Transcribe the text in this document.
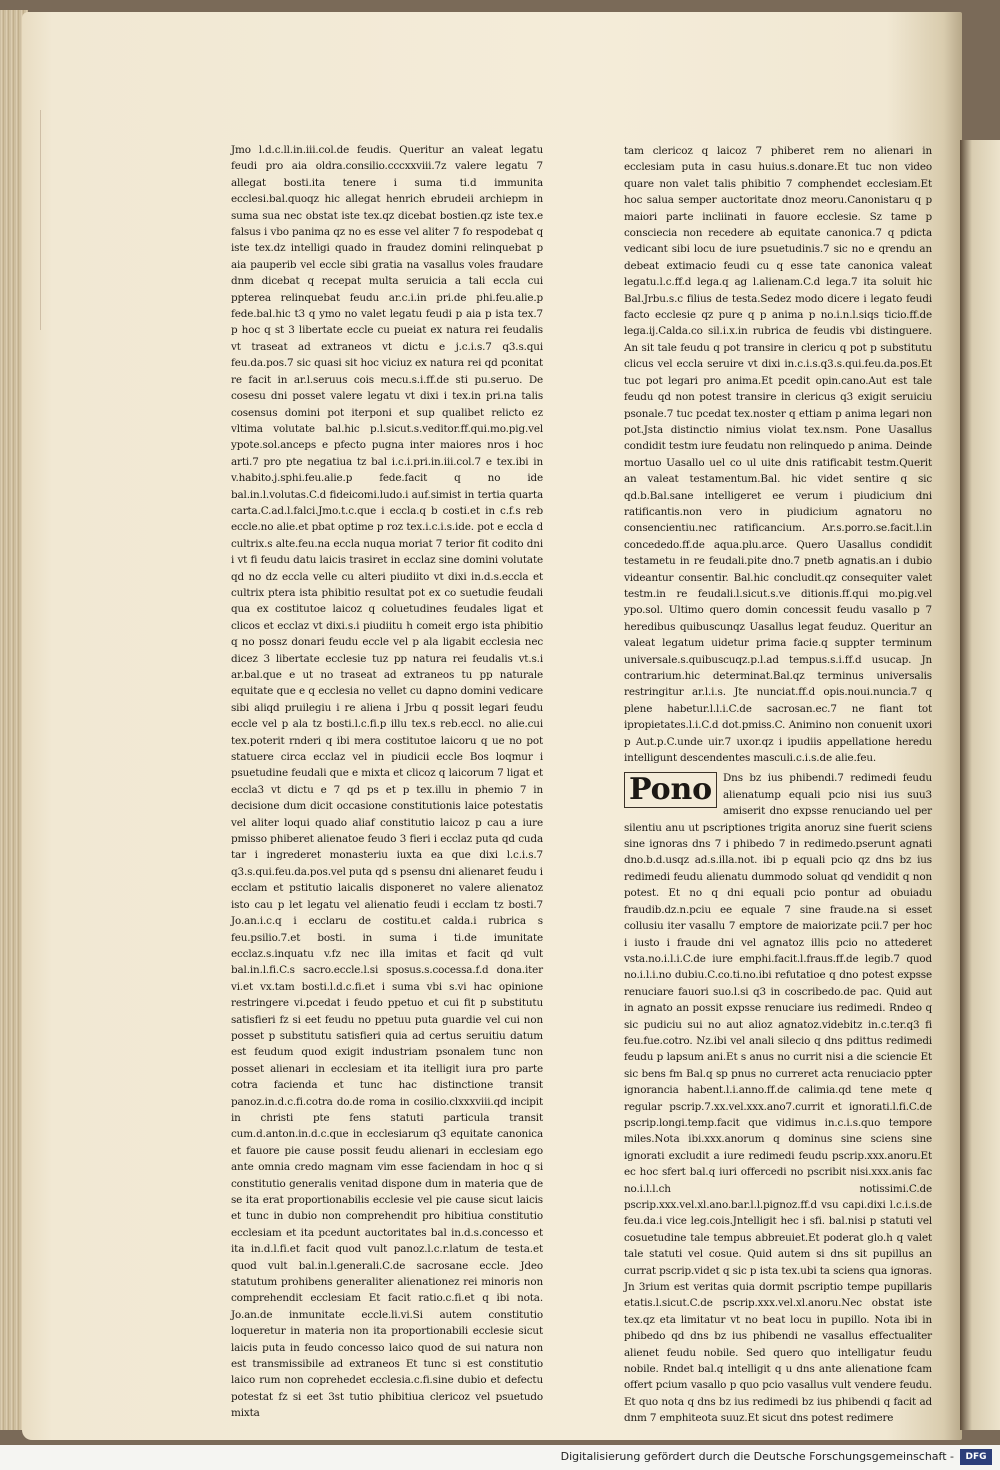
Jmo l.d.c.ll.in.iii.col.de feudis. Queritur an valeat legatu feudi pro aia oldra.consilio.cccxxviii.7z valere legatu 7 allegat bosti.ita tenere i suma ti.d immunita ecclesi.bal.quoqz hic allegat henrich ebrudeii archiepm in suma sua nec obstat iste tex.qz dicebat bostien.qz iste tex.e falsus i vbo panima qz no es esse vel aliter 7 fo respodebat q iste tex.dz intelligi quado in fraudez domini relinquebat p aia pauperib vel eccle sibi gratia na vasallus voles fraudare dnm dicebat q recepat multa seruicia a tali eccla cui ppterea relinquebat feudu ar.c.i.in pri.de phi.feu.alie.p fede.bal.hic t3 q ymo no valet legatu feudi p aia p ista tex.7 p hoc q st 3 libertate eccle cu pueiat ex natura rei feudalis vt traseat ad extraneos vt dictu e j.c.i.s.7 q3.s.qui feu.da.pos.7 sic quasi sit hoc viciuz ex natura rei qd pconitat re facit in ar.l.seruus cois mecu.s.i.ff.de sti pu.seruo. De cosesu dni posset valere legatu vt dixi i tex.in pri.na talis cosensus domini pot iterponi et sup qualibet relicto ez vltima volutate bal.hic p.l.sicut.s.veditor.ff.qui.mo.pig.vel ypote.sol.anceps e pfecto pugna inter maiores nros i hoc arti.7 pro pte negatiua tz bal i.c.i.pri.in.iii.col.7 e tex.ibi in v.habito.j.sphi.feu.alie.p fede.facit q no ide bal.in.l.volutas.C.d fideicomi.ludo.i auf.simist in tertia quarta carta.C.ad.l.falci.Jmo.t.c.que i eccla.q b costi.et in c.f.s reb eccle.no alie.et pbat optime p roz tex.i.c.i.s.ide. pot e eccla d cultrix.s alte.feu.na eccla nuqua moriat 7 terior fit codito dni i vt fi feudu datu laicis trasiret in ecclaz sine domini volutate qd no dz eccla velle cu alteri piudiito vt dixi in.d.s.eccla et cultrix ptera ista phibitio resultat pot ex co suetudie feudali qua ex costitutoe laicoz q coluetudines feudales ligat et clicos et ecclaz vt dixi.s.i piudiitu h comeit ergo ista phibitio q no possz donari feudu eccle vel p ala ligabit ecclesia nec dicez 3 libertate ecclesie tuz pp natura rei feudalis vt.s.i ar.bal.que e ut no traseat ad extraneos tu pp naturale equitate que e q ecclesia no vellet cu dapno domini vedicare sibi aliqd pruilegiu i re aliena i Jrbu q possit legari feudu eccle vel p ala tz bosti.l.c.fi.p illu tex.s reb.eccl. no alie.cui tex.poterit rnderi q ibi mera costitutoe laicoru q ue no pot statuere circa ecclaz vel in piudicii eccle Bos loqmur i psuetudine feudali que e mixta et clicoz q laicorum 7 ligat et eccla3 vt dictu e 7 qd ps et p tex.illu in phemio 7 in decisione dum dicit occasione constitutionis laice potestatis vel aliter loqui quado aliaf constitutio laicoz p cau a iure pmisso phiberet alienatoe feudo 3 fieri i ecclaz puta qd cuda tar i ingrederet monasteriu iuxta ea que dixi l.c.i.s.7 q3.s.qui.feu.da.pos.vel puta qd s psensu dni alienaret feudu i ecclam et pstitutio laicalis disponeret no valere alienatoz isto cau p let legatu vel alienatio feudi i ecclam tz bosti.7 Jo.an.i.c.q i ecclaru de costitu.et calda.i rubrica s feu.psilio.7.et bosti. in suma i ti.de imunitate ecclaz.s.inquatu v.fz nec illa imitas et facit qd vult bal.in.l.fi.C.s sacro.eccle.l.si sposus.s.cocessa.f.d dona.iter vi.et vx.tam bosti.l.d.c.fi.et i suma vbi s.vi hac opinione restringere vi.pcedat i feudo ppetuo et cui fit p substitutu satisfieri fz si eet feudu no ppetuu puta guardie vel cui non posset p substitutu satisfieri quia ad certus seruitiu datum est feudum quod exigit industriam psonalem tunc non posset alienari in ecclesiam et ita itelligit iura pro parte cotra facienda et tunc hac distinctione transit panoz.in.d.c.fi.cotra do.de roma in cosilio.clxxxviii.qd incipit in christi pte fens statuti particula transit cum.d.anton.in.d.c.que in ecclesiarum q3 equitate canonica et fauore pie cause possit feudu alienari in ecclesiam ego ante omnia credo magnam vim esse faciendam in hoc q si constitutio generalis venitad dispone dum in materia que de se ita erat proportionabilis ecclesie vel pie cause sicut laicis et tunc in dubio non comprehendit pro hibitiua constitutio ecclesiam et ita pcedunt auctoritates bal in.d.s.concesso et ita in.d.l.fi.et facit quod vult panoz.l.c.r.latum de testa.et quod vult bal.in.l.generali.C.de sacrosane eccle. Jdeo statutum prohibens generaliter alienationez rei minoris non comprehendit ecclesiam Et facit ratio.c.fi.et q ibi nota. Jo.an.de inmunitate eccle.li.vi.Si autem constitutio loqueretur in materia non ita proportionabili ecclesie sicut laicis puta in feudo concesso laico quod de sui natura non est transmissibile ad extraneos Et tunc si est constitutio laico rum non coprehedet ecclesia.c.fi.sine dubio et defectu potestat fz si eet 3st tutio phibitiua clericoz vel psuetudo mixta

tam clericoz q laicoz 7 phiberet rem no alienari in ecclesiam puta in casu huius.s.donare.Et tuc non video quare non valet talis phibitio 7 comphendet ecclesiam.Et hoc salua semper auctoritate dnoz meoru.Canonistaru q p maiori parte incliinati in fauore ecclesie. Sz tame p consciecia non recedere ab equitate canonica.7 q pdicta vedicant sibi locu de iure psuetudinis.7 sic no e qrendu an debeat extimacio feudi cu q esse tate canonica valeat legatu.l.c.ff.d lega.q ag l.alienam.C.d lega.7 ita soluit hic Bal.Jrbu.s.c filius de testa.Sedez modo dicere i legato feudi facto ecclesie qz pure q p anima p no.i.n.l.siqs ticio.ff.de lega.ij.Calda.co sil.i.x.in rubrica de feudis vbi distinguere. An sit tale feudu q pot transire in clericu q pot p substitutu clicus vel eccla seruire vt dixi in.c.i.s.q3.s.qui.feu.da.pos.Et tuc pot legari pro anima.Et pcedit opin.cano.Aut est tale feudu qd non potest transire in clericus q3 exigit seruiciu psonale.7 tuc pcedat tex.noster q ettiam p anima legari non pot.Jsta distinctio nimius violat tex.nsm. Pone Uasallus condidit testm iure feudatu non relinquedo p anima. Deinde mortuo Uasallo uel co ul uite dnis ratificabit testm.Querit an valeat testamentum.Bal. hic videt sentire q sic qd.b.Bal.sane intelligeret ee verum i piudicium dni ratificantis.non vero in piudicium agnatoru no consencientiu.nec ratificancium. Ar.s.porro.se.facit.l.in concededo.ff.de aqua.plu.arce. Quero Uasallus condidit testametu in re feudali.pite dno.7 pnetb agnatis.an i dubio videantur consentir. Bal.hic concludit.qz consequiter valet testm.in re feudali.l.sicut.s.ve ditionis.ff.qui mo.pig.vel ypo.sol. Ultimo quero domin concessit feudu vasallo p 7 heredibus quibuscunqz Uasallus legat feuduz. Queritur an valeat legatum uidetur prima facie.q suppter terminum universale.s.quibuscuqz.p.l.ad tempus.s.i.ff.d usucap. Jn contrarium.hic determinat.Bal.qz terminus universalis restringitur ar.l.i.s. Jte nunciat.ff.d opis.noui.nuncia.7 q plene habetur.l.l.i.C.de sacrosan.ec.7 ne fiant tot ipropietates.l.i.C.d dot.pmiss.C. Animino non conuenit uxori p Aut.p.C.unde uir.7 uxor.qz i ipudiis appellatione heredu intelligunt descendentes masculi.c.i.s.de alie.feu.

Pono	Dns bz ius phibendi.7 redimedi feudu alienatump equali pcio nisi ius suu3 amiserit dno expsse renuciando uel per silentiu anu ut pscriptiones trigita anoruz sine fuerit sciens sine ignoras dns 7 i phibedo 7 in redimedo.pserunt agnati dno.b.d.usqz ad.s.illa.not. ibi p equali pcio qz dns bz ius redimedi feudu alienatu dummodo soluat qd vendidit q non potest. Et no q dni equali pcio pontur ad obuiadu fraudib.dz.n.pciu ee equale 7 sine fraude.na si esset collusiu iter vasallu 7 emptore de maiorizate pcii.7 per hoc i iusto i fraude dni vel agnatoz illis pcio no attederet vsta.no.i.l.i.C.de iure emphi.facit.l.fraus.ff.de legib.7 quod no.i.l.i.no dubiu.C.co.ti.no.ibi refutatioe q dno potest expsse renuciare fauori suo.l.si q3 in coscribedo.de pac. Quid aut in agnato an possit expsse renuciare ius redimedi. Rndeo q sic pudiciu sui no aut alioz agnatoz.videbitz in.c.ter.q3 fi feu.fue.cotro. Nz.ibi vel anali silecio q dns pdittus redimedi feudu p lapsum ani.Et s anus no currit nisi a die sciencie Et sic bens fm Bal.q sp pnus no curreret acta renuciacio ppter ignorancia habent.l.i.anno.ff.de calimia.qd tene mete q regular pscrip.7.xx.vel.xxx.ano7.currit et ignorati.l.fi.C.de pscrip.longi.temp.facit que vidimus in.c.i.s.quo tempore miles.Nota ibi.xxx.anorum q dominus sine sciens sine ignorati excludit a iure redimedi feudu pscrip.xxx.anoru.Et ec hoc sfert bal.q iuri offercedi no pscribit nisi.xxx.anis fac no.i.l.l.ch notissimi.C.de pscrip.xxx.vel.xl.ano.bar.l.l.pignoz.ff.d vsu capi.dixi l.c.i.s.de feu.da.i vice leg.cois.Jntelligit hec i sfi. bal.nisi p statuti vel cosuetudine tale tempus abbreuiet.Et poderat glo.h q valet tale statuti vel cosue. Quid autem si dns sit pupillus an currat pscrip.videt q sic p ista tex.ubi ta sciens qua ignoras. Jn 3rium est veritas quia dormit pscriptio tempe pupillaris etatis.l.sicut.C.de pscrip.xxx.vel.xl.anoru.Nec obstat iste tex.qz eta limitatur vt no beat locu in pupillo. Nota ibi in phibedo qd dns bz ius phibendi ne vasallus effectualiter alienet feudu nobile. Sed quero quo intelligatur feudu nobile. Rndet bal.q intelligit q u dns ante alienatione fcam offert pcium vasallo p quo pcio vasallus vult vendere feudu. Et quo nota q dns bz ius redimedi bz ius phibendi q facit ad dnm 7 emphiteota suuz.Et sicut dns potest redimere

Digitalisierung gefördert durch die Deutsche Forschungsgemeinschaft -	DFG
